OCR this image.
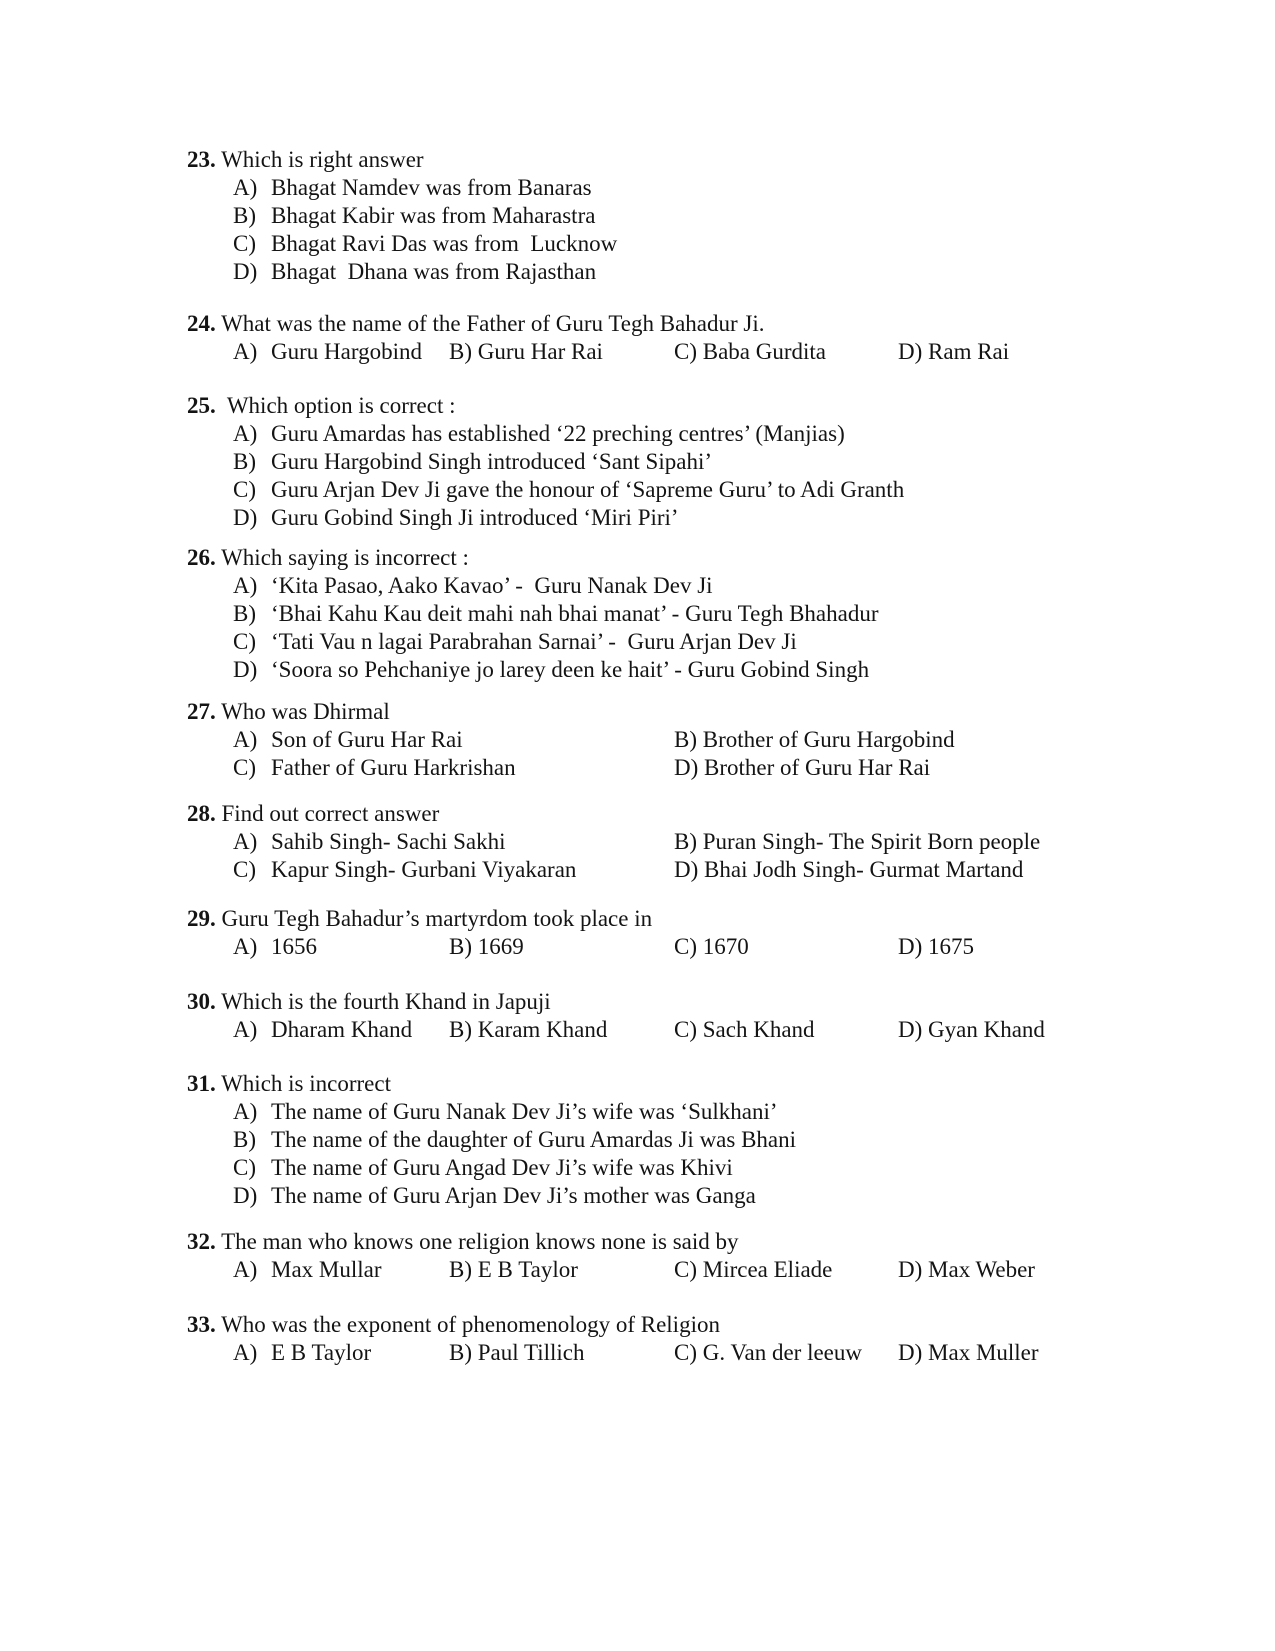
23. Which is right answer
A) Bhagat Namdev was from Banaras
B) Bhagat Kabir was from Maharastra
C) Bhagat Ravi Das was from  Lucknow
D) Bhagat  Dhana was from Rajasthan
24. What was the name of the Father of Guru Tegh Bahadur Ji.

A) Guru Hargobind

B) Guru Har Rai

	C) Baba Gurdita

	D) Ram Rai

25. Which option is correct :
A) Guru Amardas has established ‘22 preching centres’ (Manjias)
B) Guru Hargobind Singh introduced ‘Sant Sipahi’
C) Guru Arjan Dev Ji gave the honour of ‘Sapreme Guru’ to Adi Granth
D) Guru Gobind Singh Ji introduced ‘Miri Piri’
26. Which saying is incorrect :
A) ‘Kita Pasao, Aako Kavao’ -  Guru Nanak Dev Ji
B) ‘Bhai Kahu Kau deit mahi nah bhai manat’ - Guru Tegh Bhahadur
C) ‘Tati Vau n lagai Parabrahan Sarnai’ -  Guru Arjan Dev Ji
D) ‘Soora so Pehchaniye jo larey deen ke hait’ - Guru Gobind Singh
27. Who was Dhirmal

A) Son of Guru Har Rai

	B) Brother of Guru Hargobind

C) Father of Guru Harkrishan

	D) Brother of Guru Har Rai

28. Find out correct answer

A) Sahib Singh- Sachi Sakhi

	B) Puran Singh- The Spirit Born people

C) Kapur Singh- Gurbani Viyakaran

	D) Bhai Jodh Singh- Gurmat Martand

29. Guru Tegh Bahadur’s martyrdom took place in

A) 1656

	B) 1669

	C) 1670

	D) 1675

30. Which is the fourth Khand in Japuji

A) Dharam Khand

B) Karam Khand

	C) Sach Khand

	D) Gyan Khand

31. Which is incorrect
A) The name of Guru Nanak Dev Ji’s wife was ‘Sulkhani’
B) The name of the daughter of Guru Amardas Ji was Bhani
C) The name of Guru Angad Dev Ji’s wife was Khivi
D) The name of Guru Arjan Dev Ji’s mother was Ganga
32. The man who knows one religion knows none is said by

A) Max Mullar

	B) E B Taylor

	C) Mircea Eliade

	D) Max Weber

33. Who was the exponent of phenomenology of Religion

A) E B Taylor

	B) Paul Tillich

	C) G. Van der leeuw

D) Max Muller
